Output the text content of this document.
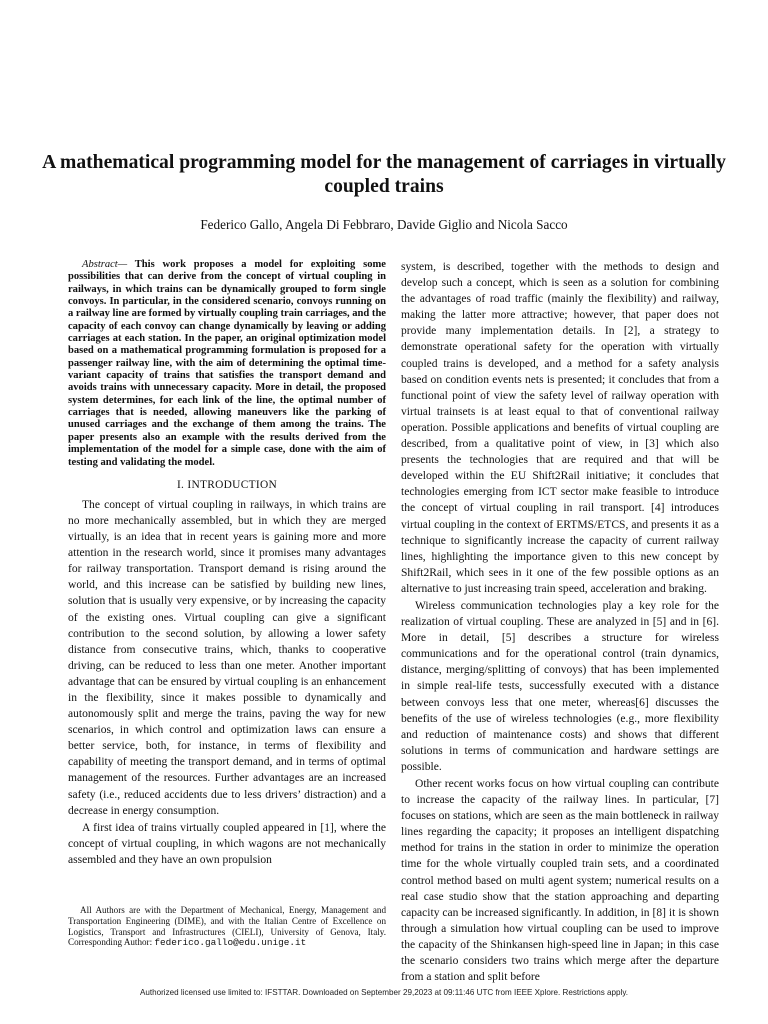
A mathematical programming model for the management of carriages in virtually coupled trains
Federico Gallo, Angela Di Febbraro, Davide Giglio and Nicola Sacco

Abstract— This work proposes a model for exploiting some possibilities that can derive from the concept of virtual coupling in railways, in which trains can be dynamically grouped to form single convoys. In particular, in the considered scenario, convoys running on a railway line are formed by virtually coupling train carriages, and the capacity of each convoy can change dynamically by leaving or adding carriages at each station. In the paper, an original optimization model based on a mathematical programming formulation is proposed for a passenger railway line, with the aim of determining the optimal time-variant capacity of trains that satisfies the transport demand and avoids trains with unnecessary capacity. More in detail, the proposed system determines, for each link of the line, the optimal number of carriages that is needed, allowing maneuvers like the parking of unused carriages and the exchange of them among the trains. The paper presents also an example with the results derived from the implementation of the model for a simple case, done with the aim of testing and validating the model.

I. INTRODUCTION

The concept of virtual coupling in railways, in which trains are no more mechanically assembled, but in which they are merged virtually, is an idea that in recent years is gaining more and more attention in the research world, since it promises many advantages for railway transportation. Transport demand is rising around the world, and this increase can be satisfied by building new lines, solution that is usually very expensive, or by increasing the capacity of the existing ones. Virtual coupling can give a significant contribution to the second solution, by allowing a lower safety distance from consecutive trains, which, thanks to cooperative driving, can be reduced to less than one meter. Another important advantage that can be ensured by virtual coupling is an enhancement in the flexibility, since it makes possible to dynamically and autonomously split and merge the trains, paving the way for new scenarios, in which control and optimization laws can ensure a better service, both, for instance, in terms of flexibility and capability of meeting the transport demand, and in terms of optimal management of the resources. Further advantages are an increased safety (i.e., reduced accidents due to less drivers’ distraction) and a decrease in energy consumption.

A first idea of trains virtually coupled appeared in [1], where the concept of virtual coupling, in which wagons are not mechanically assembled and they have an own propulsion

system, is described, together with the methods to design and develop such a concept, which is seen as a solution for combining the advantages of road traffic (mainly the flexibility) and railway, making the latter more attractive; however, that paper does not provide many implementation details. In [2], a strategy to demonstrate operational safety for the operation with virtually coupled trains is developed, and a method for a safety analysis based on condition events nets is presented; it concludes that from a functional point of view the safety level of railway operation with virtual trainsets is at least equal to that of conventional railway operation. Possible applications and benefits of virtual coupling are described, from a qualitative point of view, in [3] which also presents the technologies that are required and that will be developed within the EU Shift2Rail initiative; it concludes that technologies emerging from ICT sector make feasible to introduce the concept of virtual coupling in rail transport. [4] introduces virtual coupling in the context of ERTMS/ETCS, and presents it as a technique to significantly increase the capacity of current railway lines, highlighting the importance given to this new concept by Shift2Rail, which sees in it one of the few possible options as an alternative to just increasing train speed, acceleration and braking.

Wireless communication technologies play a key role for the realization of virtual coupling. These are analyzed in [5] and in [6]. More in detail, [5] describes a structure for wireless communications and for the operational control (train dynamics, distance, merging/splitting of convoys) that has been implemented in simple real-life tests, successfully executed with a distance between convoys less that one meter, whereas[6] discusses the benefits of the use of wireless technologies (e.g., more flexibility and reduction of maintenance costs) and shows that different solutions in terms of communication and hardware settings are possible.

Other recent works focus on how virtual coupling can contribute to increase the capacity of the railway lines. In particular, [7] focuses on stations, which are seen as the main bottleneck in railway lines regarding the capacity; it proposes an intelligent dispatching method for trains in the station in order to minimize the operation time for the whole virtually coupled train sets, and a coordinated control method based on multi agent system; numerical results on a real case studio show that the station approaching and departing capacity can be increased significantly. In addition, in [8] it is shown through a simulation how virtual coupling can be used to improve the capacity of the Shinkansen high-speed line in Japan; in this case the scenario considers two trains which merge after the departure from a station and split before

All Authors are with the Department of Mechanical, Energy, Management and Transportation Engineering (DIME), and with the Italian Centre of Excellence on Logistics, Transport and Infrastructures (CIELI), University of Genova, Italy. Corresponding Author: federico.gallo@edu.unige.it

Authorized licensed use limited to: IFSTTAR. Downloaded on September 29,2023 at 09:11:46 UTC from IEEE Xplore. Restrictions apply.
